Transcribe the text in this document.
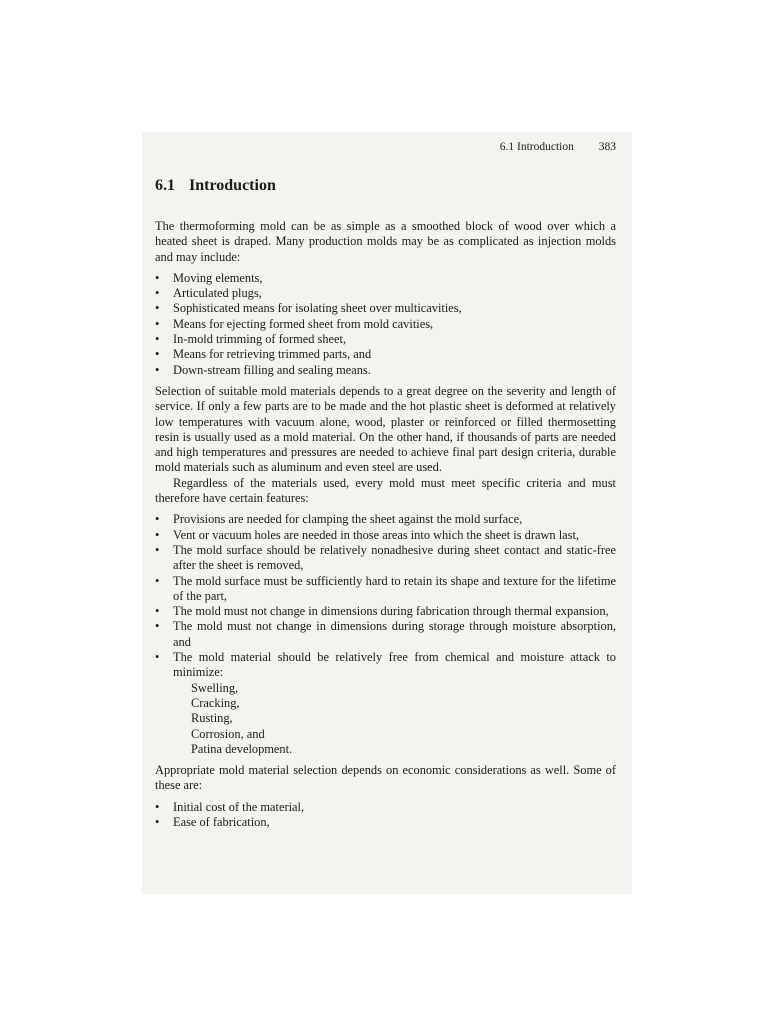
6.1 Introduction 383
6.1 Introduction

The thermoforming mold can be as simple as a smoothed block of wood over which a heated sheet is draped. Many production molds may be as complicated as injection molds and may include:

• Moving elements,
• Articulated plugs,
• Sophisticated means for isolating sheet over multicavities,
• Means for ejecting formed sheet from mold cavities,
• In-mold trimming of formed sheet,
• Means for retrieving trimmed parts, and
• Down-stream filling and sealing means.

Selection of suitable mold materials depends to a great degree on the severity and length of service. If only a few parts are to be made and the hot plastic sheet is deformed at relatively low temperatures with vacuum alone, wood, plaster or reinforced or filled thermosetting resin is usually used as a mold material. On the other hand, if thousands of parts are needed and high temperatures and pressures are needed to achieve final part design criteria, durable mold materials such as aluminum and even steel are used.

Regardless of the materials used, every mold must meet specific criteria and must therefore have certain features:

• Provisions are needed for clamping the sheet against the mold surface,
• Vent or vacuum holes are needed in those areas into which the sheet is drawn last,
• The mold surface should be relatively nonadhesive during sheet contact and static-free after the sheet is removed,
• The mold surface must be sufficiently hard to retain its shape and texture for the lifetime of the part,
• The mold must not change in dimensions during fabrication through thermal expansion,
• The mold must not change in dimensions during storage through moisture absorption, and
• The mold material should be relatively free from chemical and moisture attack to minimize:
Swelling,
Cracking,
Rusting,
Corrosion, and
Patina development.

Appropriate mold material selection depends on economic considerations as well. Some of these are:

• Initial cost of the material,
• Ease of fabrication,
